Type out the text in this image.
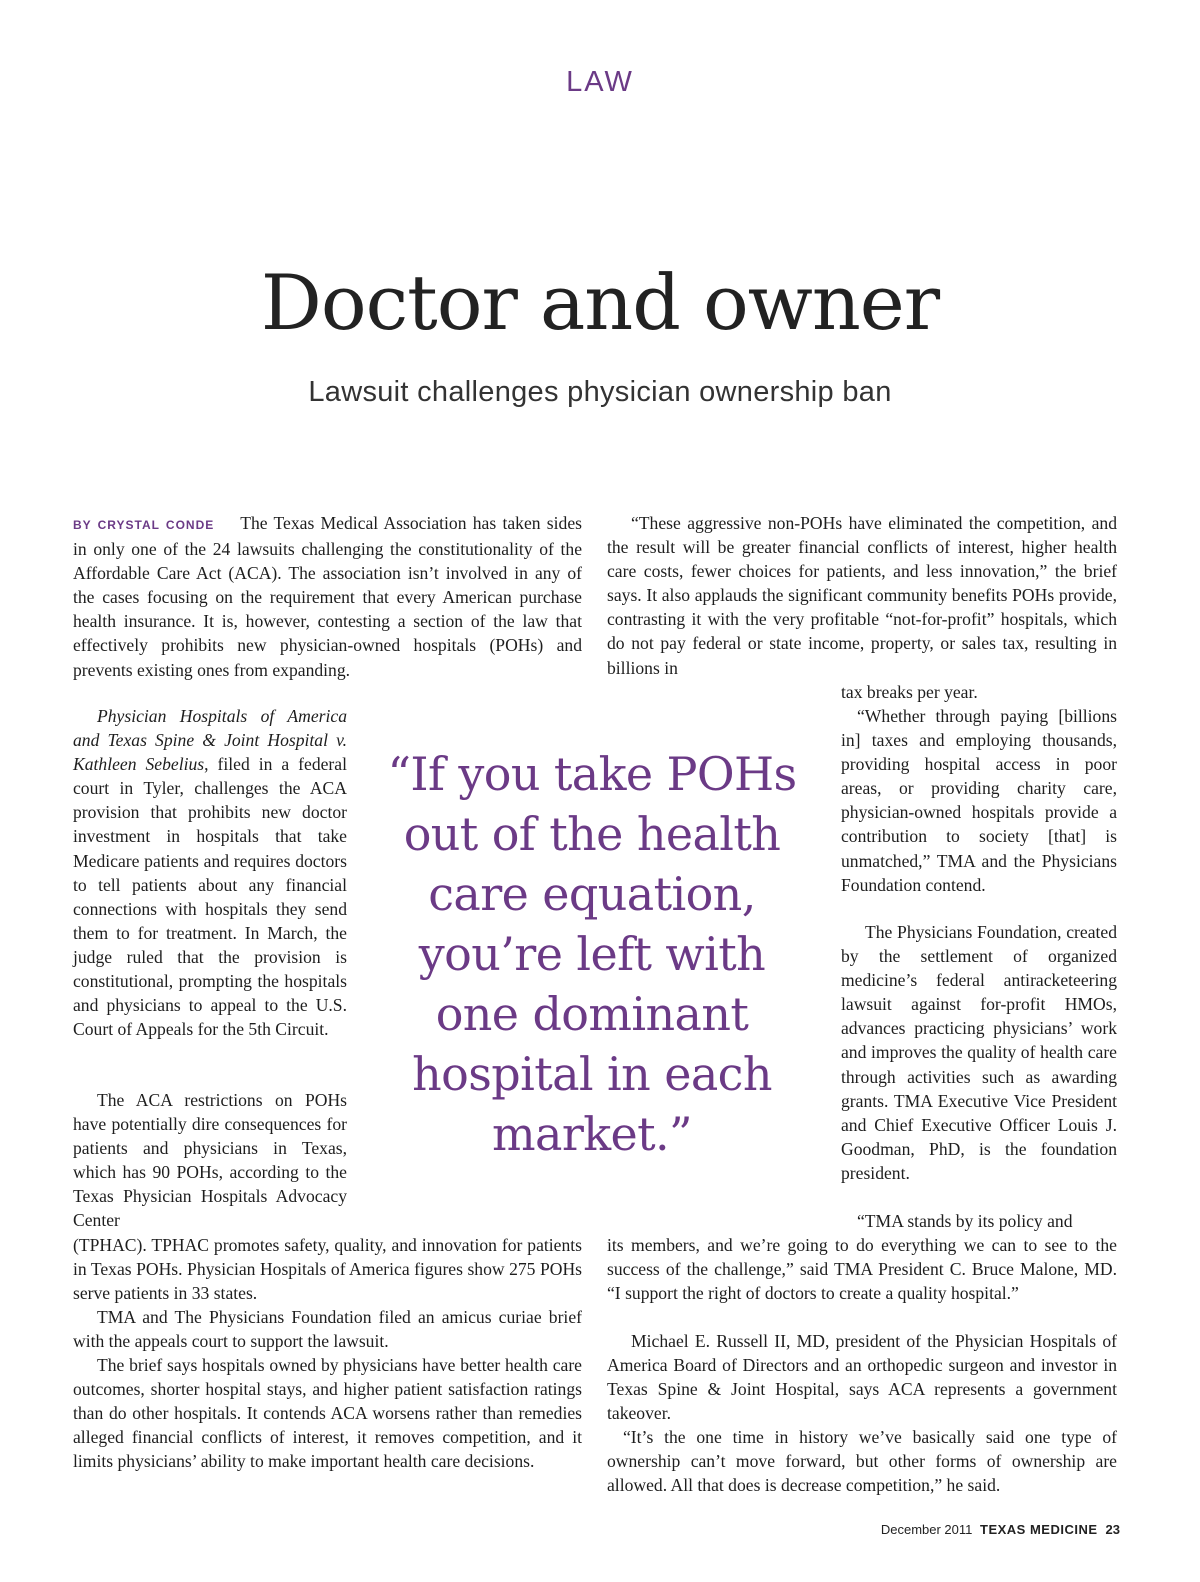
LAW
Doctor and owner
Lawsuit challenges physician ownership ban

BY CRYSTAL CONDE The Texas Medical Association has taken sides in only one of the 24 lawsuits challenging the constitutionality of the Affordable Care Act (ACA). The association isn’t involved in any of the cases focusing on the requirement that every American purchase health insurance. It is, however, contesting a section of the law that effectively prohibits new physician-owned hospitals (POHs) and prevents existing ones from expanding.

Physician Hospitals of America and Texas Spine & Joint Hospital v. Kathleen Sebelius, filed in a federal court in Tyler, challenges the ACA provision that prohibits new doctor investment in hospitals that take Medicare patients and requires doctors to tell patients about any financial connections with hospitals they send them to for treatment. In March, the judge ruled that the provision is constitutional, prompting the hospitals and physicians to appeal to the U.S. Court of Appeals for the 5th Circuit.

The ACA restrictions on POHs have potentially dire consequences for patients and physicians in Texas, which has 90 POHs, according to the Texas Physician Hospitals Advocacy Center

(TPHAC). TPHAC promotes safety, quality, and innovation for patients in Texas POHs. Physician Hospitals of America figures show 275 POHs serve patients in 33 states.

TMA and The Physicians Foundation filed an amicus curiae brief with the appeals court to support the lawsuit.

The brief says hospitals owned by physicians have better health care outcomes, shorter hospital stays, and higher patient satisfaction ratings than do other hospitals. It contends ACA worsens rather than remedies alleged financial conflicts of interest, it removes competition, and it limits physicians’ ability to make important health care decisions.

“These aggressive non-POHs have eliminated the competition, and the result will be greater financial conflicts of interest, higher health care costs, fewer choices for patients, and less innovation,” the brief says. It also applauds the significant community benefits POHs provide, contrasting it with the very profitable “not-for-profit” hospitals, which do not pay federal or state income, property, or sales tax, resulting in billions in

tax breaks per year.

“Whether through paying [billions in] taxes and employing thousands, providing hospital access in poor areas, or providing charity care, physician-owned hospitals provide a contribution to society [that] is unmatched,” TMA and the Physicians Foundation contend.

The Physicians Foundation, created by the settlement of organized medicine’s federal antiracketeering lawsuit against for-profit HMOs, advances practicing physicians’ work and improves the quality of health care through activities such as awarding grants. TMA Executive Vice President and Chief Executive Officer Louis J. Goodman, PhD, is the foundation president.

“TMA stands by its policy and

its members, and we’re going to do everything we can to see to the success of the challenge,” said TMA President C. Bruce Malone, MD. “I support the right of doctors to create a quality hospital.”

Michael E. Russell II, MD, president of the Physician Hospitals of America Board of Directors and an orthopedic surgeon and investor in Texas Spine & Joint Hospital, says ACA represents a government takeover.

“It’s the one time in history we’ve basically said one type of ownership can’t move forward, but other forms of ownership are allowed. All that does is decrease competition,” he said.

“If you take POHs out of the health care equation, you’re left with one dominant hospital in each market.”
December 2011 TEXAS MEDICINE 23
